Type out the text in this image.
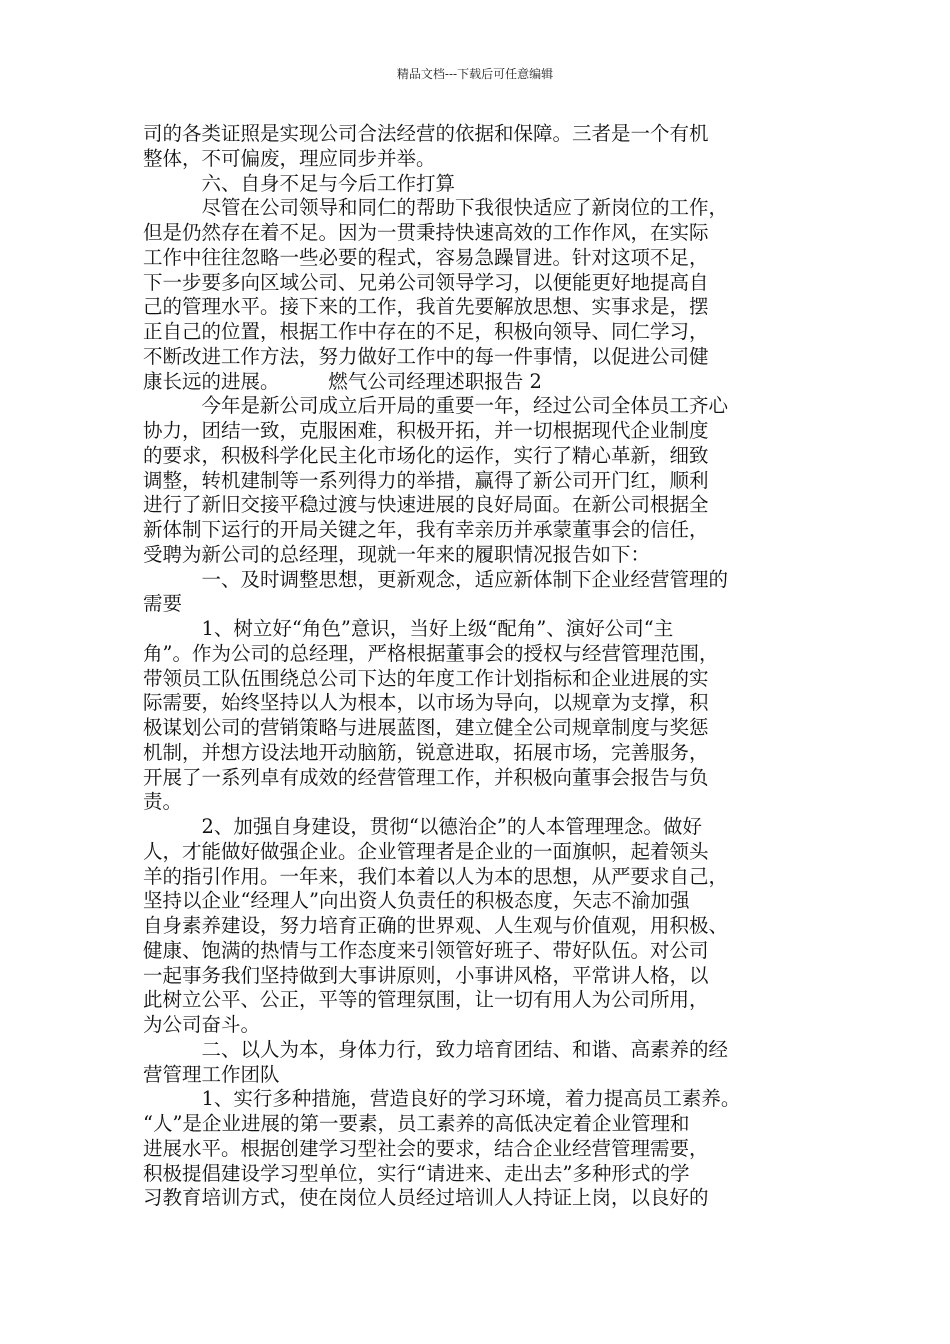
精品文档---下载后可任意编辑
司的各类证照是实现公司合法经营的依据和保障。三者是一个有机
整体，不可偏废，理应同步并举。
　　　六、自身不足与今后工作打算
　　　尽管在公司领导和同仁的帮助下我很快适应了新岗位的工作，
但是仍然存在着不足。因为一贯秉持快速高效的工作作风，在实际
工作中往往忽略一些必要的程式，容易急躁冒进。针对这项不足，
下一步要多向区域公司、兄弟公司领导学习，以便能更好地提高自
己的管理水平。接下来的工作，我首先要解放思想、实事求是，摆
正自己的位置，根据工作中存在的不足，积极向领导、同仁学习，
不断改进工作方法，努力做好工作中的每一件事情，以促进公司健
康长远的进展。　　　燃气公司经理述职报告 2
　　　今年是新公司成立后开局的重要一年，经过公司全体员工齐心
协力，团结一致，克服困难，积极开拓，并一切根据现代企业制度
的要求，积极科学化民主化市场化的运作，实行了精心革新，细致
调整，转机建制等一系列得力的举措，赢得了新公司开门红，顺利
进行了新旧交接平稳过渡与快速进展的良好局面。在新公司根据全
新体制下运行的开局关键之年，我有幸亲历并承蒙董事会的信任，
受聘为新公司的总经理，现就一年来的履职情况报告如下：
　　　一、及时调整思想，更新观念，适应新体制下企业经营管理的
需要
　　　1、树立好“角色”意识，当好上级“配角”、演好公司“主
角”。作为公司的总经理，严格根据董事会的授权与经营管理范围，
带领员工队伍围绕总公司下达的年度工作计划指标和企业进展的实
际需要，始终坚持以人为根本，以市场为导向，以规章为支撑，积
极谋划公司的营销策略与进展蓝图，建立健全公司规章制度与奖惩
机制，并想方设法地开动脑筋，锐意进取，拓展市场，完善服务，
开展了一系列卓有成效的经营管理工作，并积极向董事会报告与负
责。
　　　2、加强自身建设，贯彻“以德治企”的人本管理理念。做好
人，才能做好做强企业。企业管理者是企业的一面旗帜，起着领头
羊的指引作用。一年来，我们本着以人为本的思想，从严要求自己，
坚持以企业“经理人”向出资人负责任的积极态度，矢志不渝加强
自身素养建设，努力培育正确的世界观、人生观与价值观，用积极、
健康、饱满的热情与工作态度来引领管好班子、带好队伍。对公司
一起事务我们坚持做到大事讲原则，小事讲风格，平常讲人格，以
此树立公平、公正，平等的管理氛围，让一切有用人为公司所用，
为公司奋斗。
　　　二、以人为本，身体力行，致力培育团结、和谐、高素养的经
营管理工作团队
　　　1、实行多种措施，营造良好的学习环境，着力提高员工素养。
“人”是企业进展的第一要素，员工素养的高低决定着企业管理和
进展水平。根据创建学习型社会的要求，结合企业经营管理需要，
积极提倡建设学习型单位，实行“请进来、走出去”多种形式的学
习教育培训方式，使在岗位人员经过培训人人持证上岗，以良好的
